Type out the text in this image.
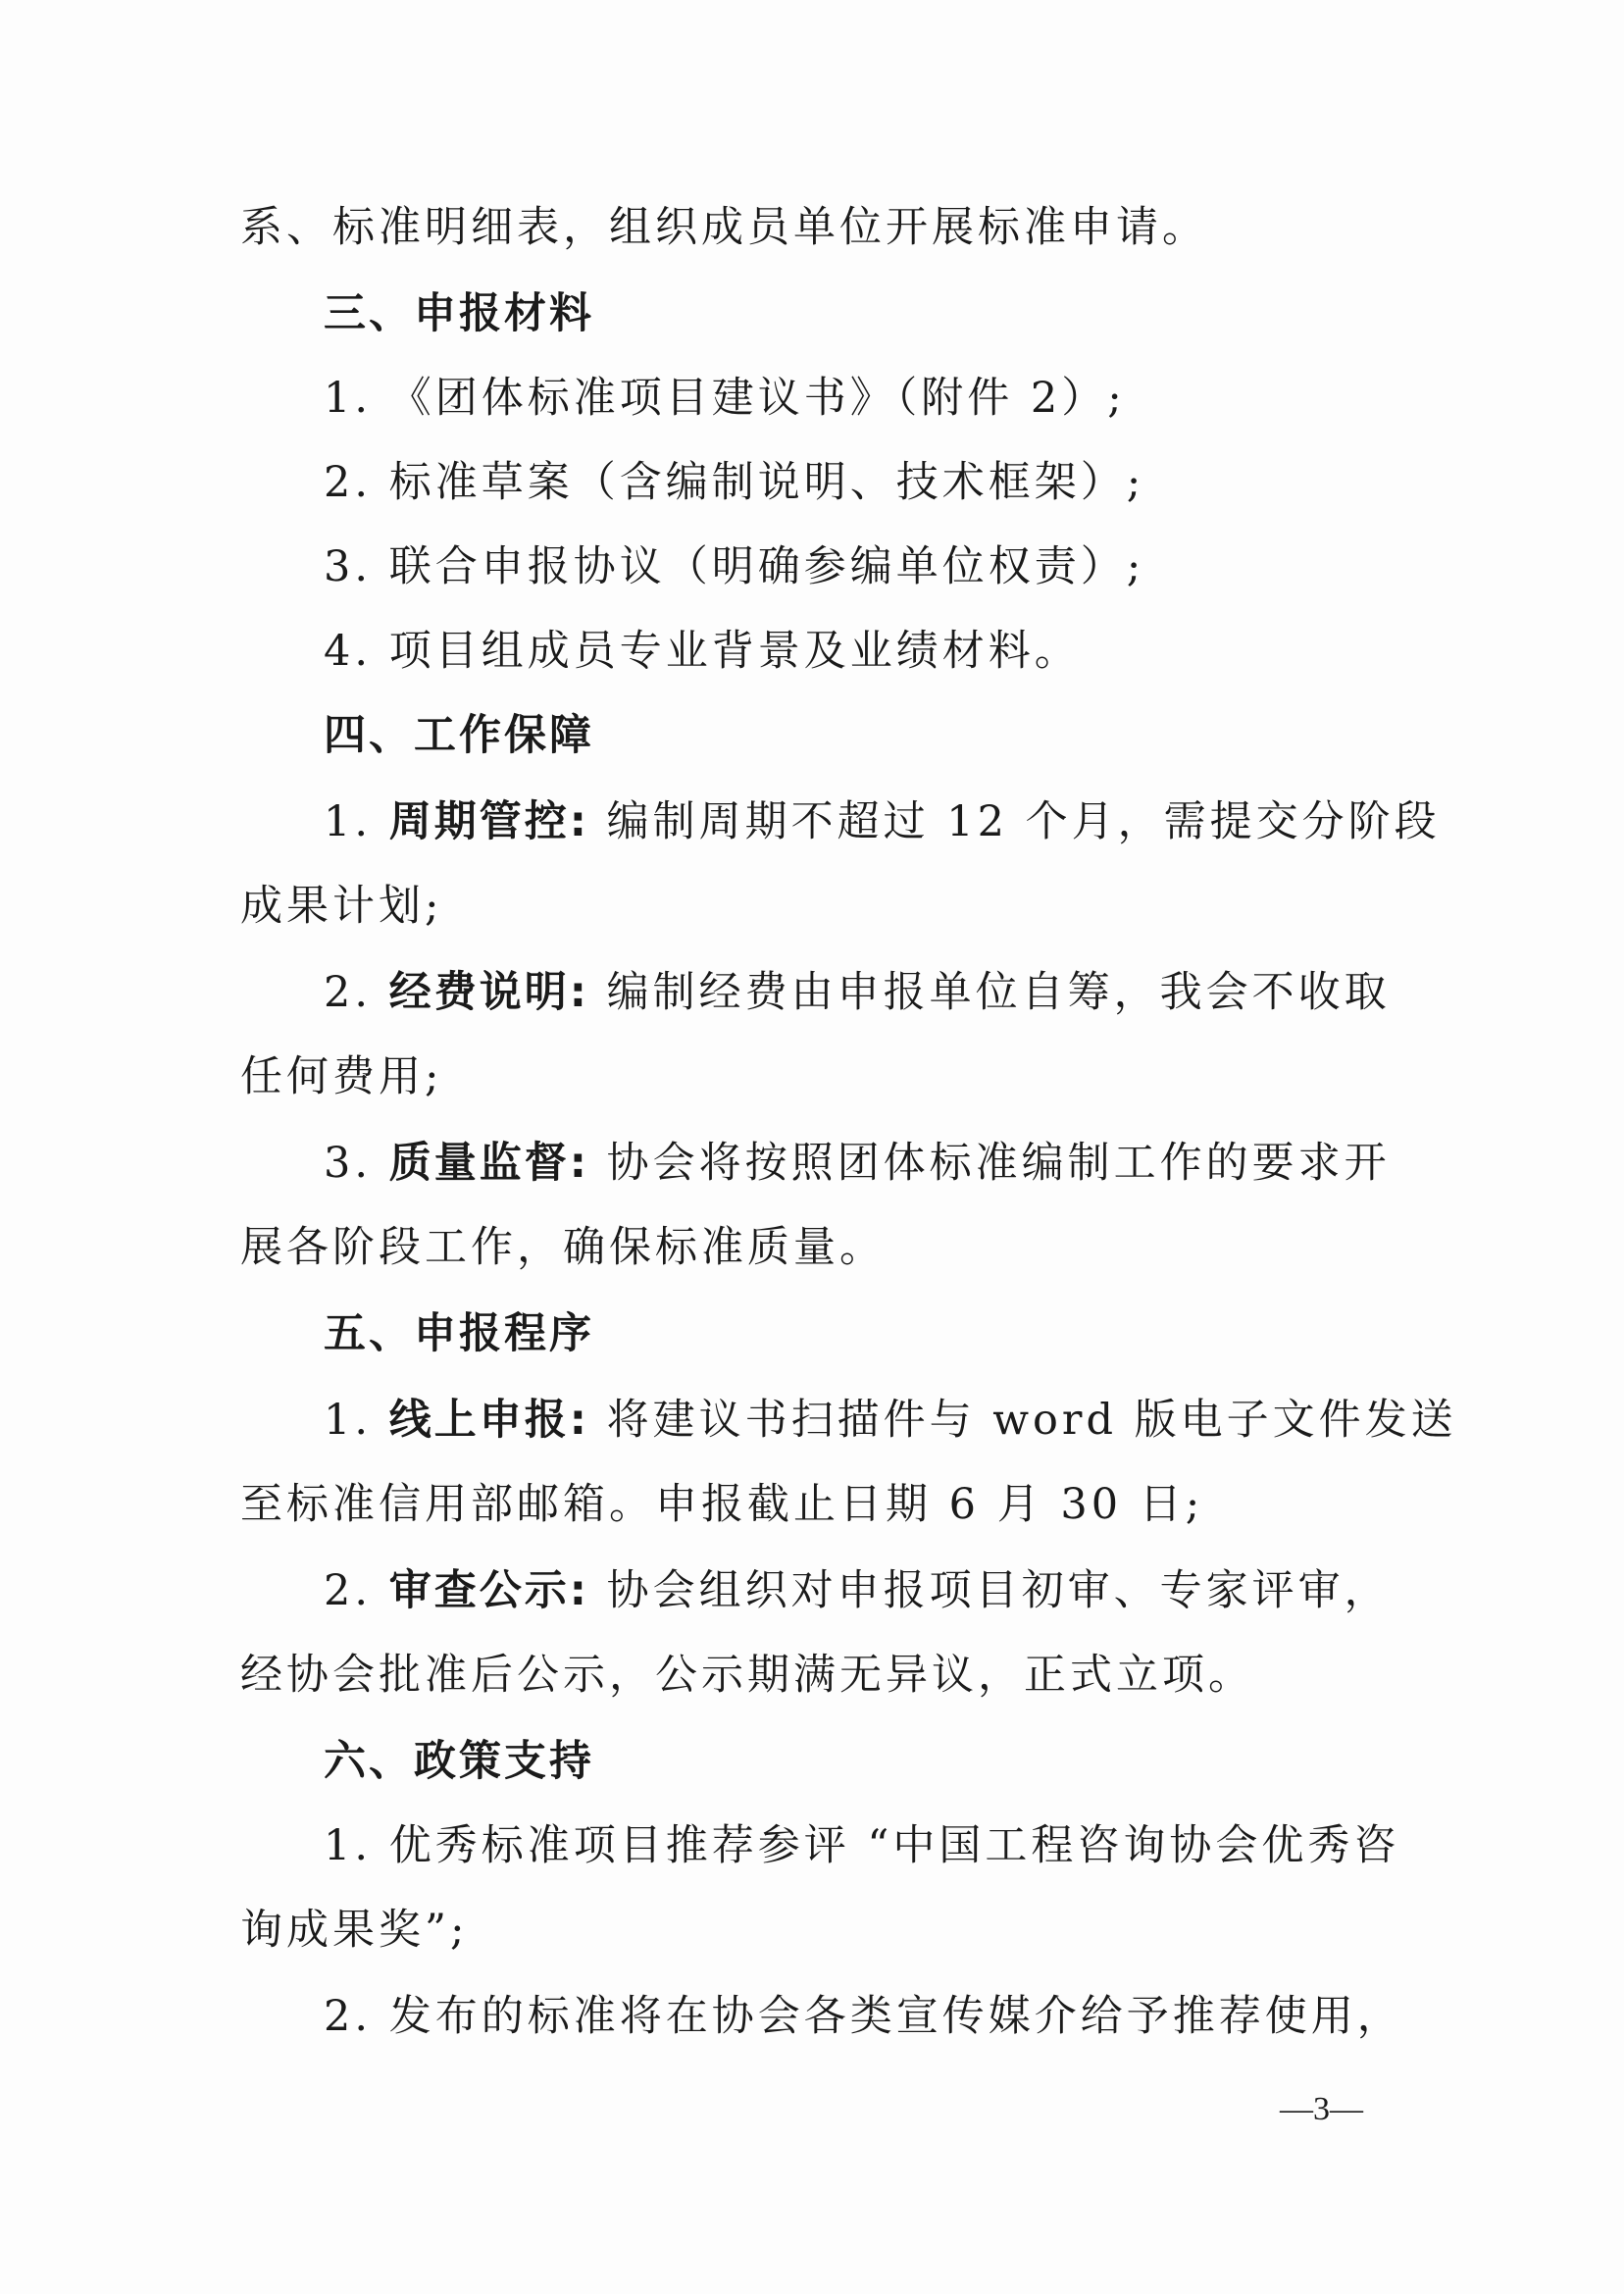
系、标准明细表，组织成员单位开展标准申请。
三、申报材料
1. 《团体标准项目建议书》（附件 2）;
2. 标准草案（含编制说明、技术框架）;
3. 联合申报协议（明确参编单位权责）;
4. 项目组成员专业背景及业绩材料。
四、工作保障
1. 周期管控: 编制周期不超过 12 个月，需提交分阶段
成果计划;
2. 经费说明: 编制经费由申报单位自筹，我会不收取
任何费用;
3. 质量监督: 协会将按照团体标准编制工作的要求开
展各阶段工作，确保标准质量。
五、申报程序
1. 线上申报: 将建议书扫描件与 word 版电子文件发送
至标准信用部邮箱。申报截止日期 6 月 30 日;
2. 审查公示: 协会组织对申报项目初审、专家评审，
经协会批准后公示，公示期满无异议，正式立项。
六、政策支持
1. 优秀标准项目推荐参评 “中国工程咨询协会优秀咨
询成果奖”;
2. 发布的标准将在协会各类宣传媒介给予推荐使用，
—3—
